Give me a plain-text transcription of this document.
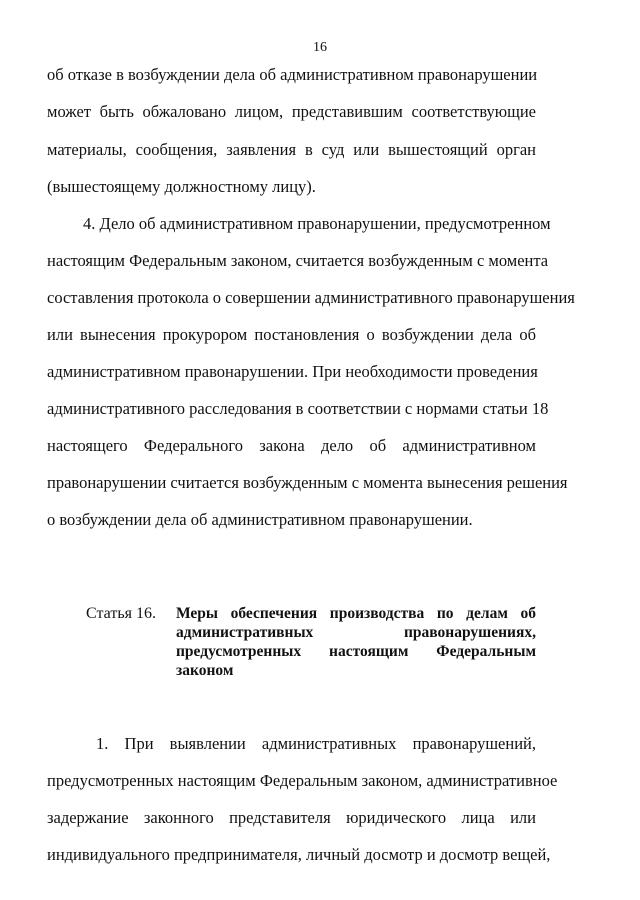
16
об отказе в возбуждении дела об административном правонарушении
может быть обжаловано лицом, представившим соответствующие
материалы, сообщения, заявления в суд или вышестоящий орган
(вышестоящему должностному лицу).
4. Дело об административном правонарушении, предусмотренном
настоящим Федеральным законом, считается возбужденным с момента
составления протокола о совершении административного правонарушения
или вынесения прокурором постановления о возбуждении дела об
административном правонарушении. При необходимости проведения
административного расследования в соответствии с нормами статьи 18
настоящего Федерального закона дело об административном
правонарушении считается возбужденным с момента вынесения решения
о возбуждении дела об административном правонарушении.
Статья 16. Меры обеспечения производства по делам об
административных правонарушениях,
предусмотренных настоящим Федеральным
законом
1. При выявлении административных правонарушений,
предусмотренных настоящим Федеральным законом, административное
задержание законного представителя юридического лица или
индивидуального предпринимателя, личный досмотр и досмотр вещей,
